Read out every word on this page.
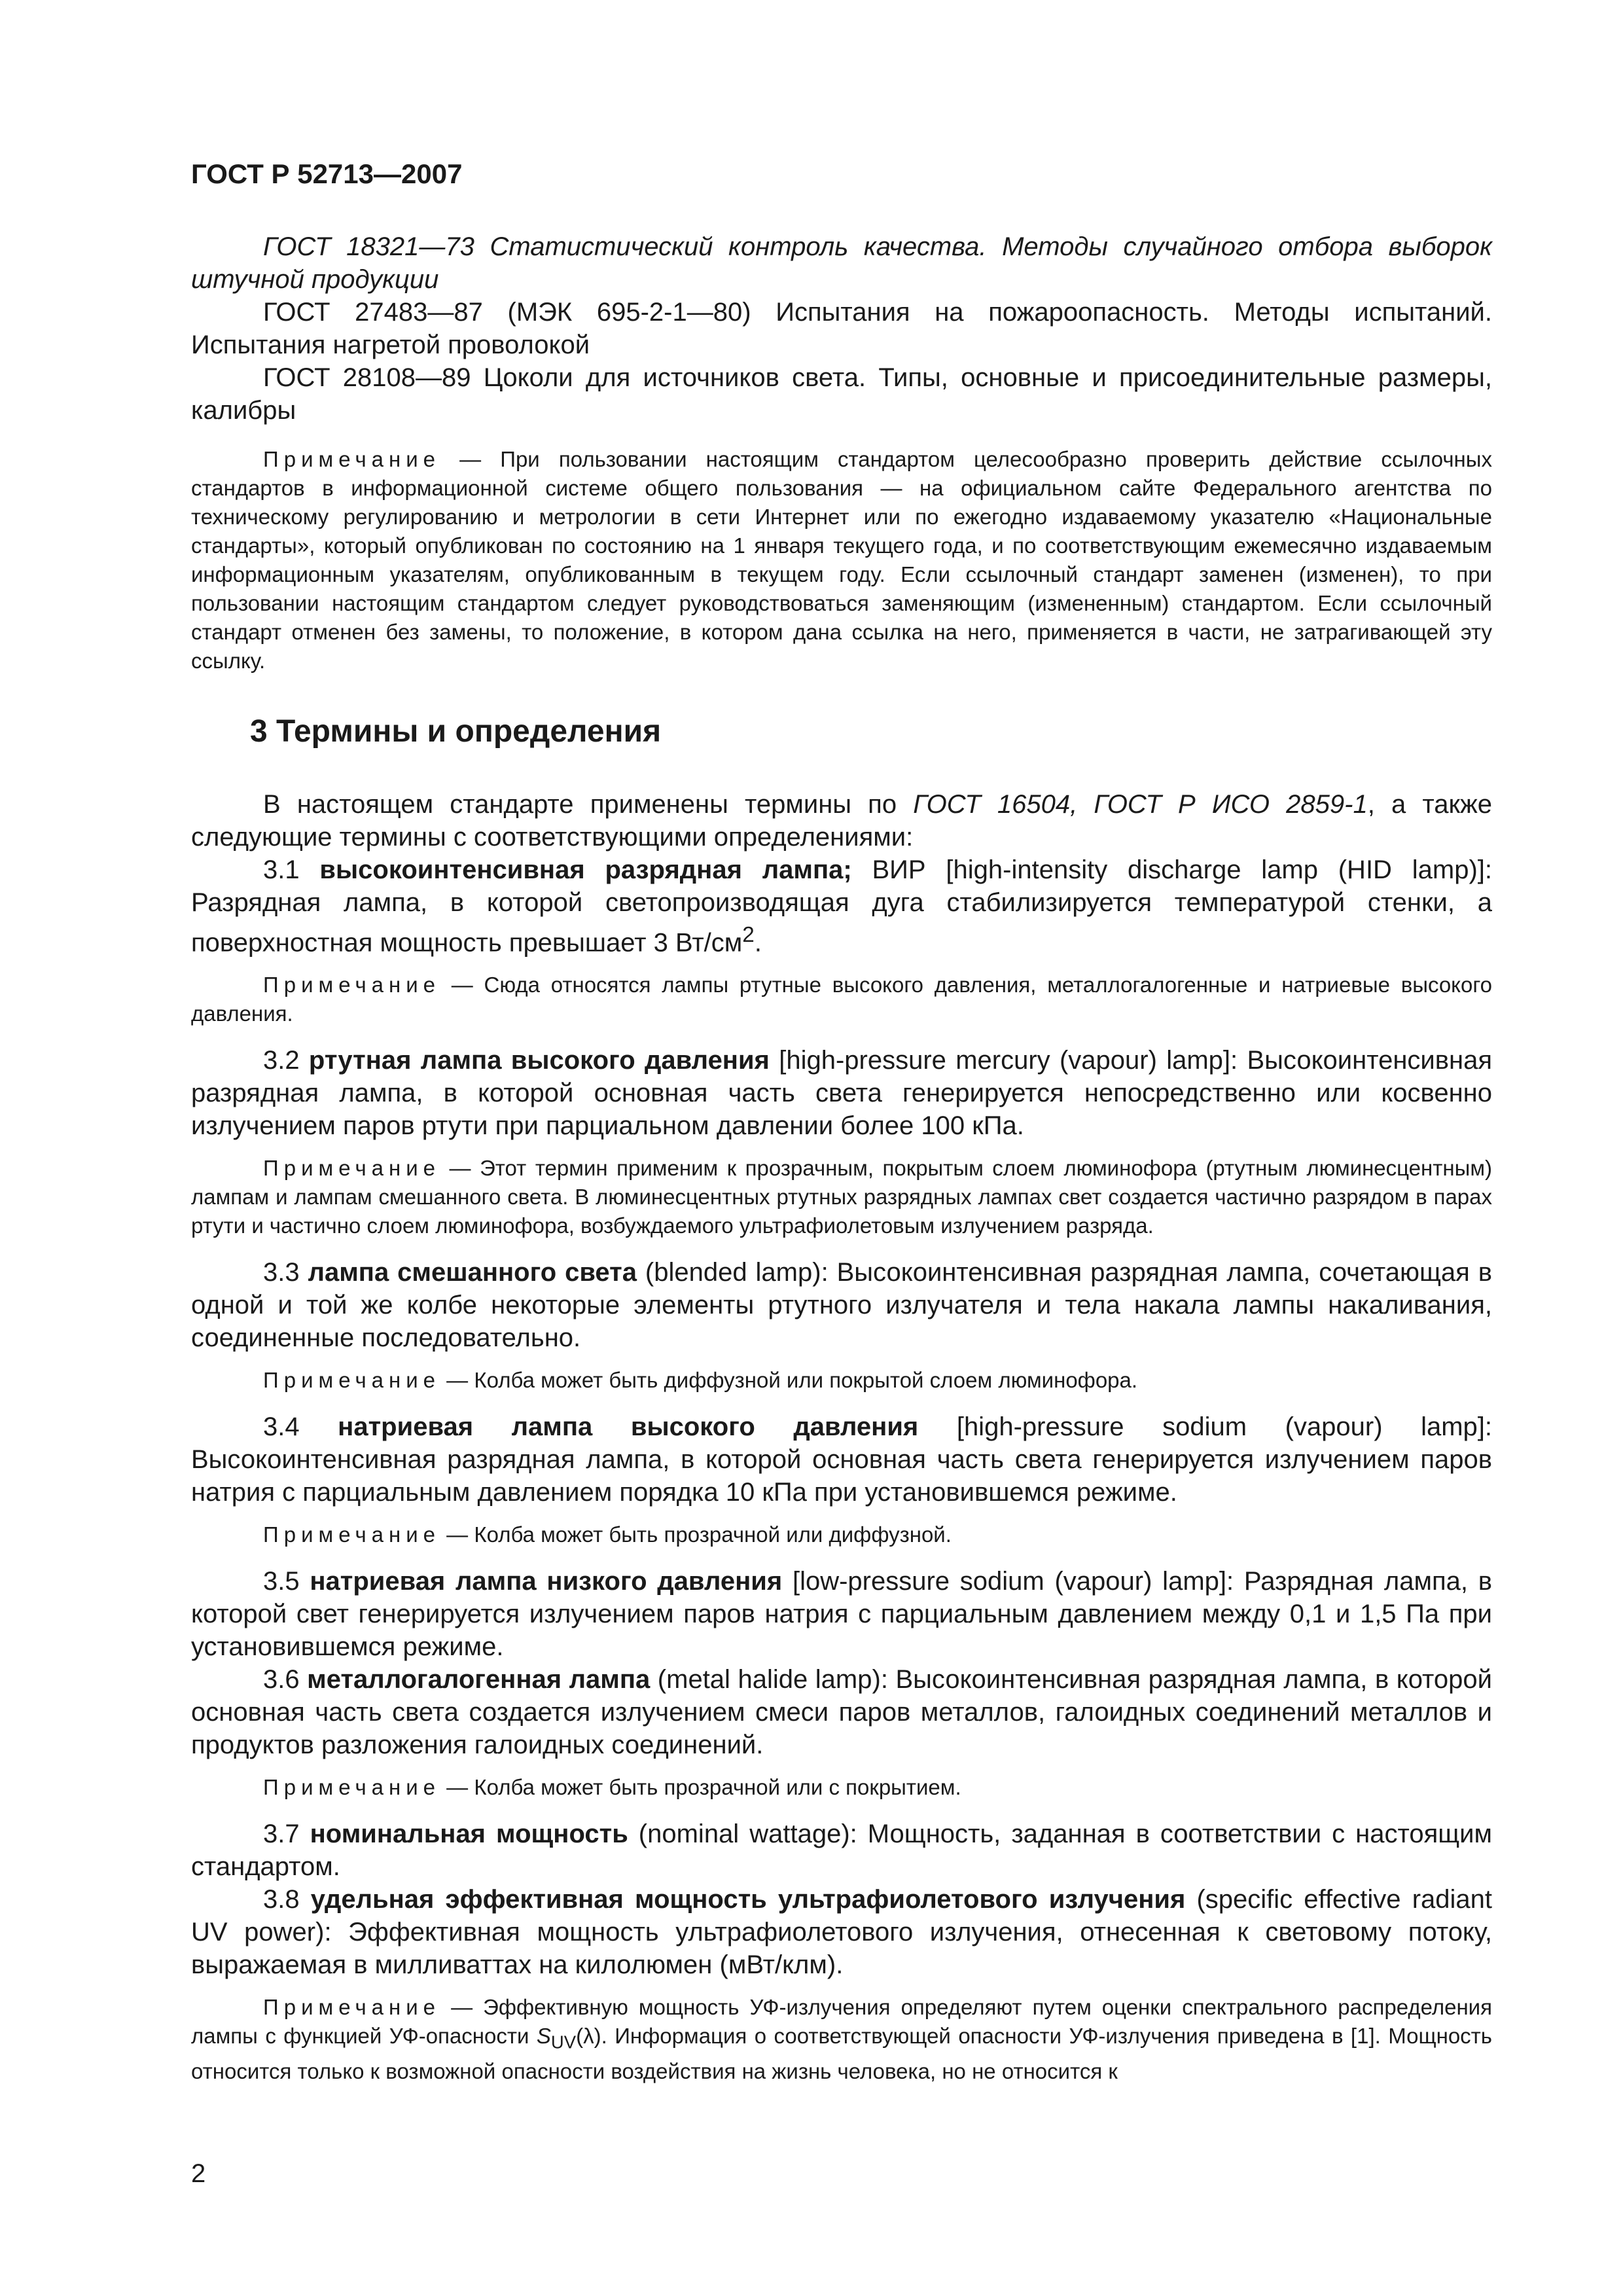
ГОСТ Р 52713—2007

ГОСТ 18321—73 Статистический контроль качества. Методы случайного отбора выборок штучной продукции

ГОСТ 27483—87 (МЭК 695-2-1—80) Испытания на пожароопасность. Методы испытаний. Испытания нагретой проволокой

ГОСТ 28108—89 Цоколи для источников света. Типы, основные и присоединительные размеры, калибры

Примечание — При пользовании настоящим стандартом целесообразно проверить действие ссылочных стандартов в информационной системе общего пользования — на официальном сайте Федерального агентства по техническому регулированию и метрологии в сети Интернет или по ежегодно издаваемому указателю «Национальные стандарты», который опубликован по состоянию на 1 января текущего года, и по соответствующим ежемесячно издаваемым информационным указателям, опубликованным в текущем году. Если ссылочный стандарт заменен (изменен), то при пользовании настоящим стандартом следует руководствоваться заменяющим (измененным) стандартом. Если ссылочный стандарт отменен без замены, то положение, в котором дана ссылка на него, применяется в части, не затрагивающей эту ссылку.

3 Термины и определения

В настоящем стандарте применены термины по ГОСТ 16504, ГОСТ Р ИСО 2859-1, а также следующие термины с соответствующими определениями:

3.1 высокоинтенсивная разрядная лампа; ВИР [high-intensity discharge lamp (HID lamp)]: Разрядная лампа, в которой светопроизводящая дуга стабилизируется температурой стенки, а поверхностная мощность превышает 3 $Вт/см^2$.

Примечание — Сюда относятся лампы ртутные высокого давления, металлогалогенные и натриевые высокого давления.

3.2 ртутная лампа высокого давления [high-pressure mercury (vapour) lamp]: Высокоинтенсивная разрядная лампа, в которой основная часть света генерируется непосредственно или косвенно излучением паров ртути при парциальном давлении более 100 кПа.

Примечание — Этот термин применим к прозрачным, покрытым слоем люминофора (ртутным люминесцентным) лампам и лампам смешанного света. В люминесцентных ртутных разрядных лампах свет создается частично разрядом в парах ртути и частично слоем люминофора, возбуждаемого ультрафиолетовым излучением разряда.

3.3 лампа смешанного света (blended lamp): Высокоинтенсивная разрядная лампа, сочетающая в одной и той же колбе некоторые элементы ртутного излучателя и тела накала лампы накаливания, соединенные последовательно.

Примечание — Колба может быть диффузной или покрытой слоем люминофора.

3.4 натриевая лампа высокого давления [high-pressure sodium (vapour) lamp]: Высокоинтенсивная разрядная лампа, в которой основная часть света генерируется излучением паров натрия с парциальным давлением порядка 10 кПа при установившемся режиме.

Примечание — Колба может быть прозрачной или диффузной.

3.5 натриевая лампа низкого давления [low-pressure sodium (vapour) lamp]: Разрядная лампа, в которой свет генерируется излучением паров натрия с парциальным давлением между 0,1 и 1,5 Па при установившемся режиме.

3.6 металлогалогенная лампа (metal halide lamp): Высокоинтенсивная разрядная лампа, в которой основная часть света создается излучением смеси паров металлов, галоидных соединений металлов и продуктов разложения галоидных соединений.

Примечание — Колба может быть прозрачной или с покрытием.

3.7 номинальная мощность (nominal wattage): Мощность, заданная в соответствии с настоящим стандартом.

3.8 удельная эффективная мощность ультрафиолетового излучения (specific effective radiant UV power): Эффективная мощность ультрафиолетового излучения, отнесенная к световому потоку, выражаемая в милливаттах на килолюмен (мВт/клм).

Примечание — Эффективную мощность УФ-излучения определяют путем оценки спектрального распределения лампы с функцией УФ-опасности $S_{UV}(\lambda)$. Информация о соответствующей опасности УФ-излучения приведена в [1]. Мощность относится только к возможной опасности воздействия на жизнь человека, но не относится к

2
